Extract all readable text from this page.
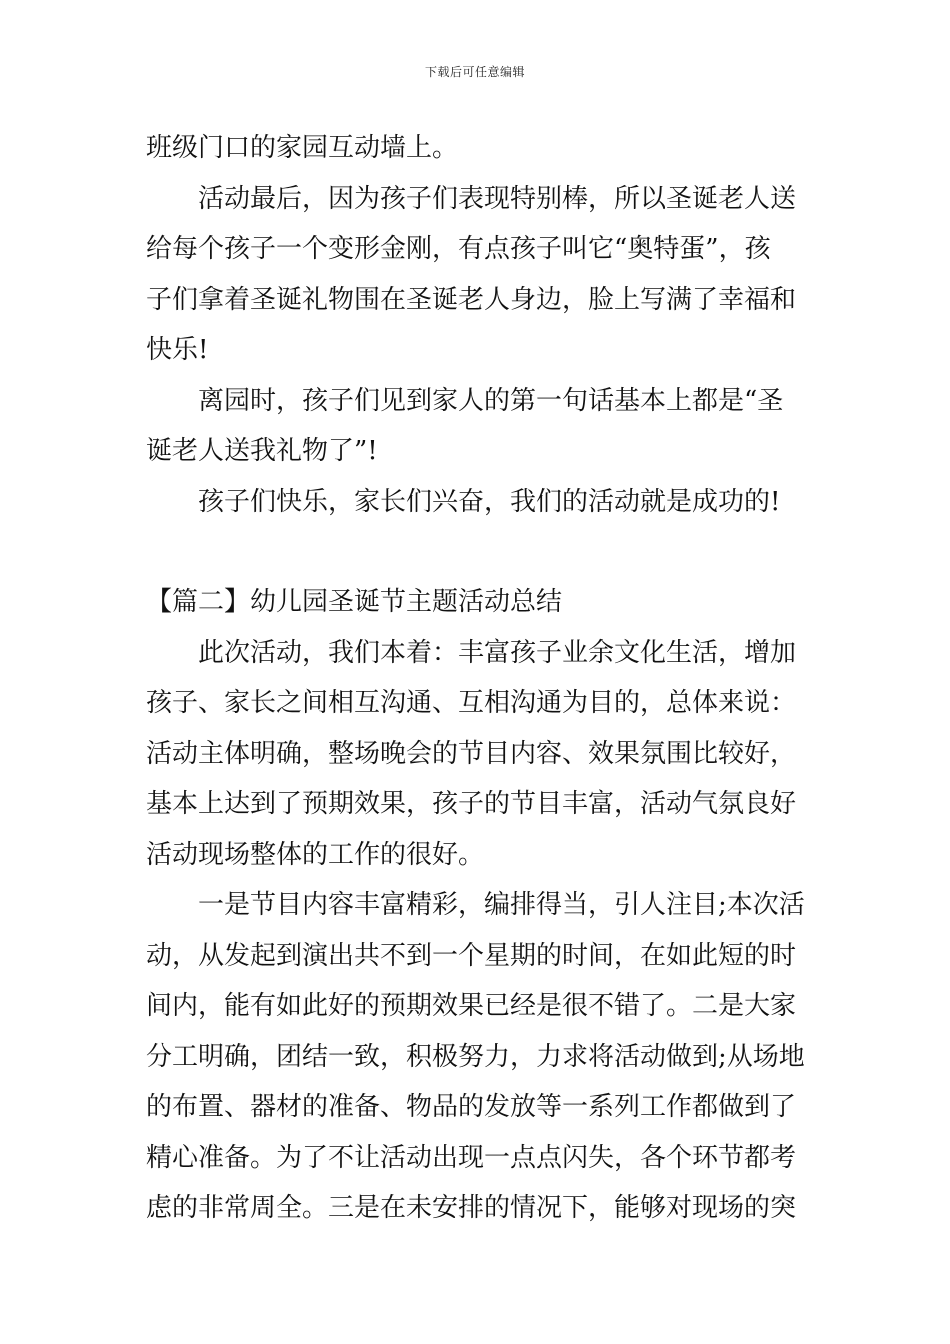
下载后可任意编辑
班级门口的家园互动墙上。
活动最后，因为孩子们表现特别棒，所以圣诞老人送
给每个孩子一个变形金刚，有点孩子叫它“奥特蛋”，孩
子们拿着圣诞礼物围在圣诞老人身边，脸上写满了幸福和
快乐!
离园时，孩子们见到家人的第一句话基本上都是“圣
诞老人送我礼物了”!
孩子们快乐，家长们兴奋，我们的活动就是成功的!
【篇二】幼儿园圣诞节主题活动总结
此次活动，我们本着：丰富孩子业余文化生活，增加
孩子、家长之间相互沟通、互相沟通为目的，总体来说：
活动主体明确，整场晚会的节目内容、效果氛围比较好，
基本上达到了预期效果，孩子的节目丰富，活动气氛良好
活动现场整体的工作的很好。
一是节目内容丰富精彩，编排得当，引人注目;本次活
动，从发起到演出共不到一个星期的时间，在如此短的时
间内，能有如此好的预期效果已经是很不错了。二是大家
分工明确，团结一致，积极努力，力求将活动做到;从场地
的布置、器材的准备、物品的发放等一系列工作都做到了
精心准备。为了不让活动出现一点点闪失，各个环节都考
虑的非常周全。三是在未安排的情况下，能够对现场的突
